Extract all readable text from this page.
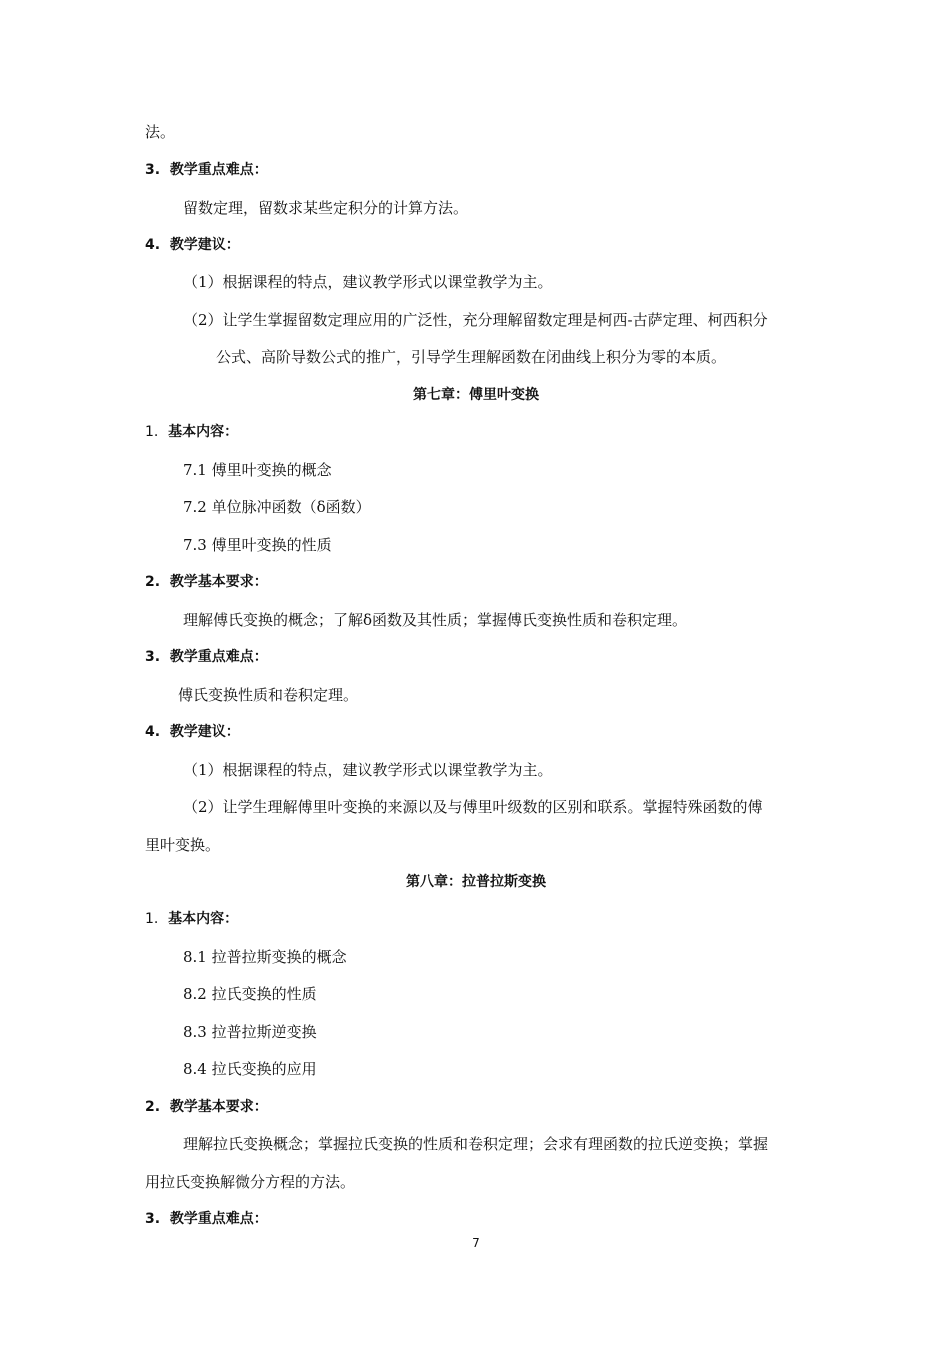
法。
3. 教学重点难点：
留数定理，留数求某些定积分的计算方法。
4. 教学建议：
（1）根据课程的特点，建议教学形式以课堂教学为主。
（2）让学生掌握留数定理应用的广泛性，充分理解留数定理是柯西-古萨定理、柯西积分
公式、高阶导数公式的推广，引导学生理解函数在闭曲线上积分为零的本质。
第七章：傅里叶变换
1. 基本内容：
7.1 傅里叶变换的概念
7.2 单位脉冲函数（δ函数）
7.3 傅里叶变换的性质
2. 教学基本要求：
理解傅氏变换的概念；了解δ函数及其性质；掌握傅氏变换性质和卷积定理。
3. 教学重点难点：
傅氏变换性质和卷积定理。
4. 教学建议：
（1）根据课程的特点，建议教学形式以课堂教学为主。
（2）让学生理解傅里叶变换的来源以及与傅里叶级数的区别和联系。掌握特殊函数的傅
里叶变换。
第八章：拉普拉斯变换
1. 基本内容：
8.1 拉普拉斯变换的概念
8.2 拉氏变换的性质
8.3 拉普拉斯逆变换
8.4 拉氏变换的应用
2. 教学基本要求：
理解拉氏变换概念；掌握拉氏变换的性质和卷积定理；会求有理函数的拉氏逆变换；掌握
用拉氏变换解微分方程的方法。
3. 教学重点难点：
7
